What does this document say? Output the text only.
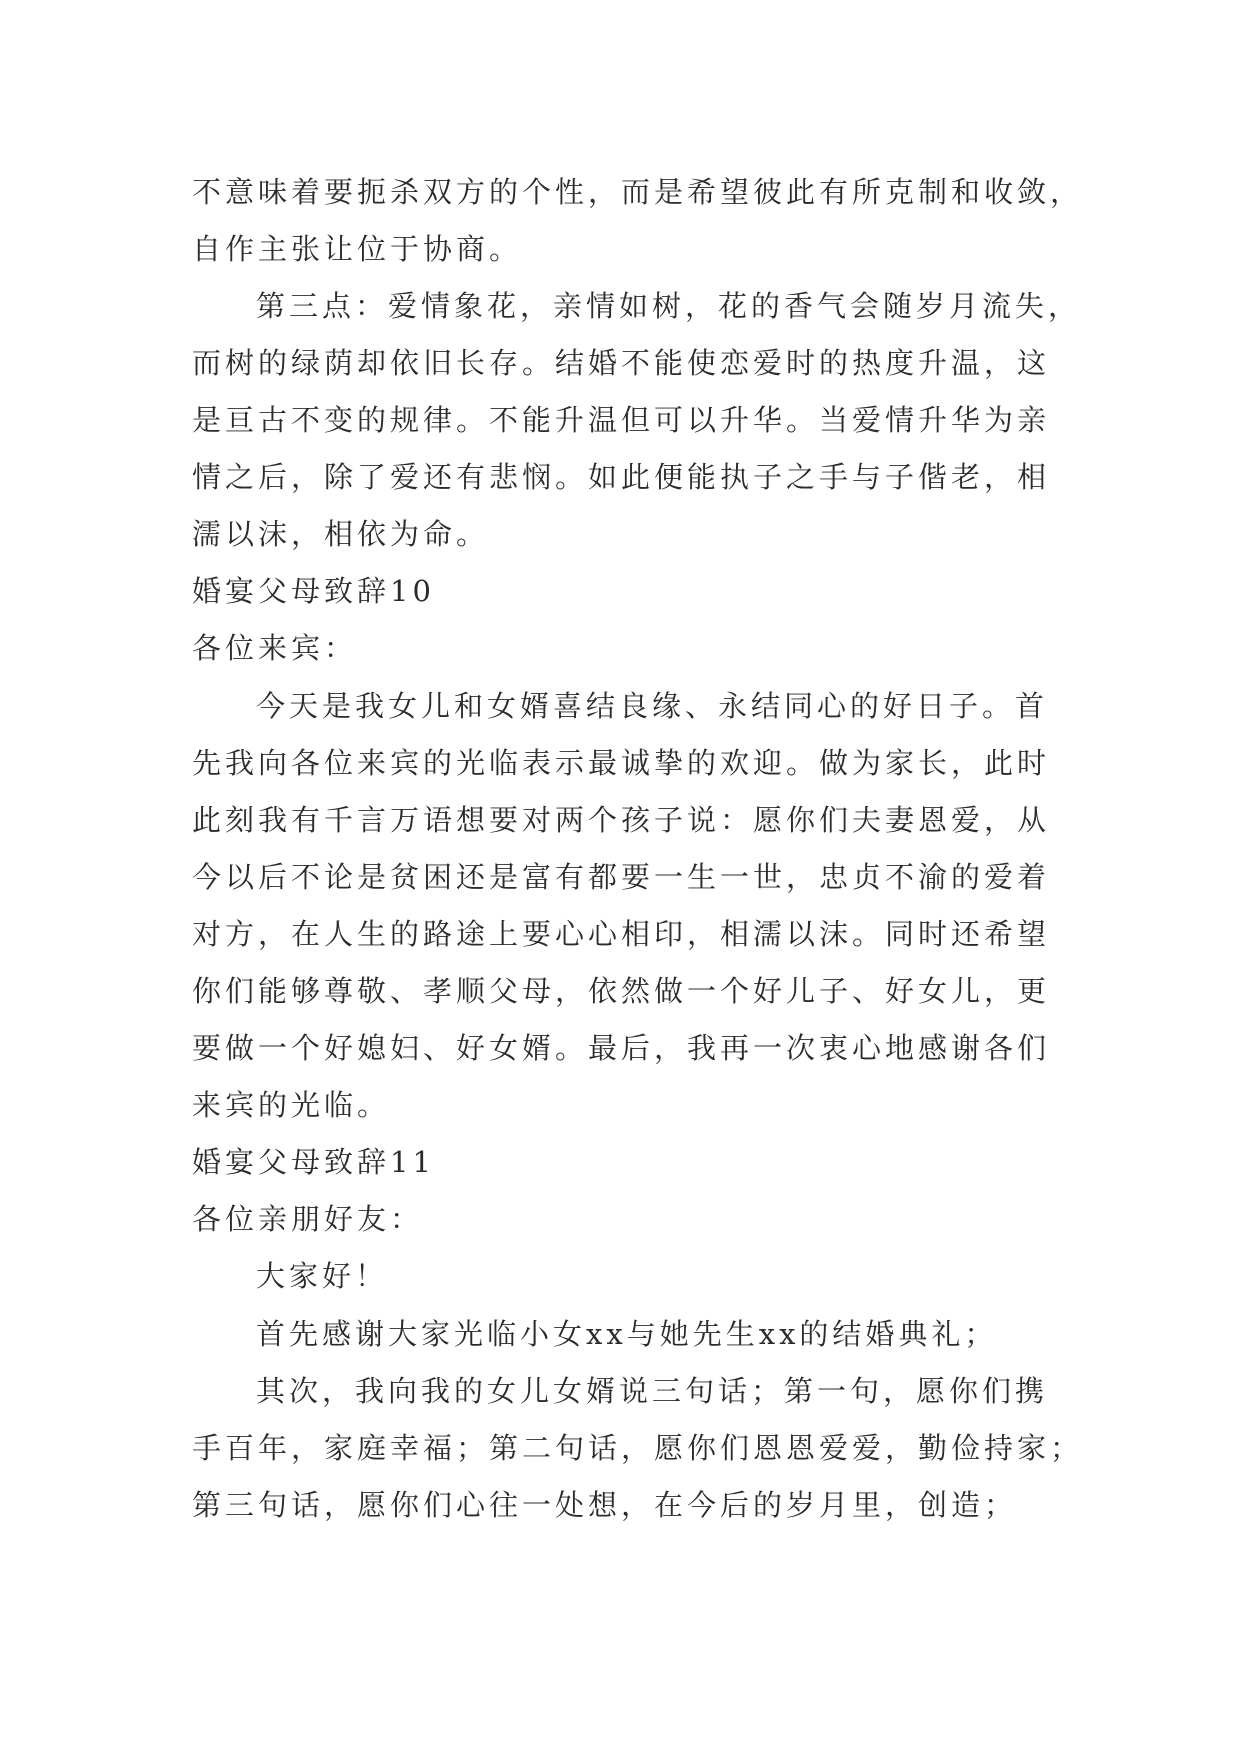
不意味着要扼杀双方的个性，而是希望彼此有所克制和收敛，
自作主张让位于协商。
第三点：爱情象花，亲情如树，花的香气会随岁月流失，
而树的绿荫却依旧长存。结婚不能使恋爱时的热度升温，这
是亘古不变的规律。不能升温但可以升华。当爱情升华为亲
情之后，除了爱还有悲悯。如此便能执子之手与子偕老，相
濡以沫，相依为命。
婚宴父母致辞10
各位来宾：
今天是我女儿和女婿喜结良缘、永结同心的好日子。首
先我向各位来宾的光临表示最诚挚的欢迎。做为家长，此时
此刻我有千言万语想要对两个孩子说：愿你们夫妻恩爱，从
今以后不论是贫困还是富有都要一生一世，忠贞不渝的爱着
对方，在人生的路途上要心心相印，相濡以沫。同时还希望
你们能够尊敬、孝顺父母，依然做一个好儿子、好女儿，更
要做一个好媳妇、好女婿。最后，我再一次衷心地感谢各们
来宾的光临。
婚宴父母致辞11
各位亲朋好友：
大家好！
首先感谢大家光临小女xx与她先生xx的结婚典礼；
其次，我向我的女儿女婿说三句话；第一句，愿你们携
手百年，家庭幸福；第二句话，愿你们恩恩爱爱，勤俭持家；
第三句话，愿你们心往一处想，在今后的岁月里，创造；
